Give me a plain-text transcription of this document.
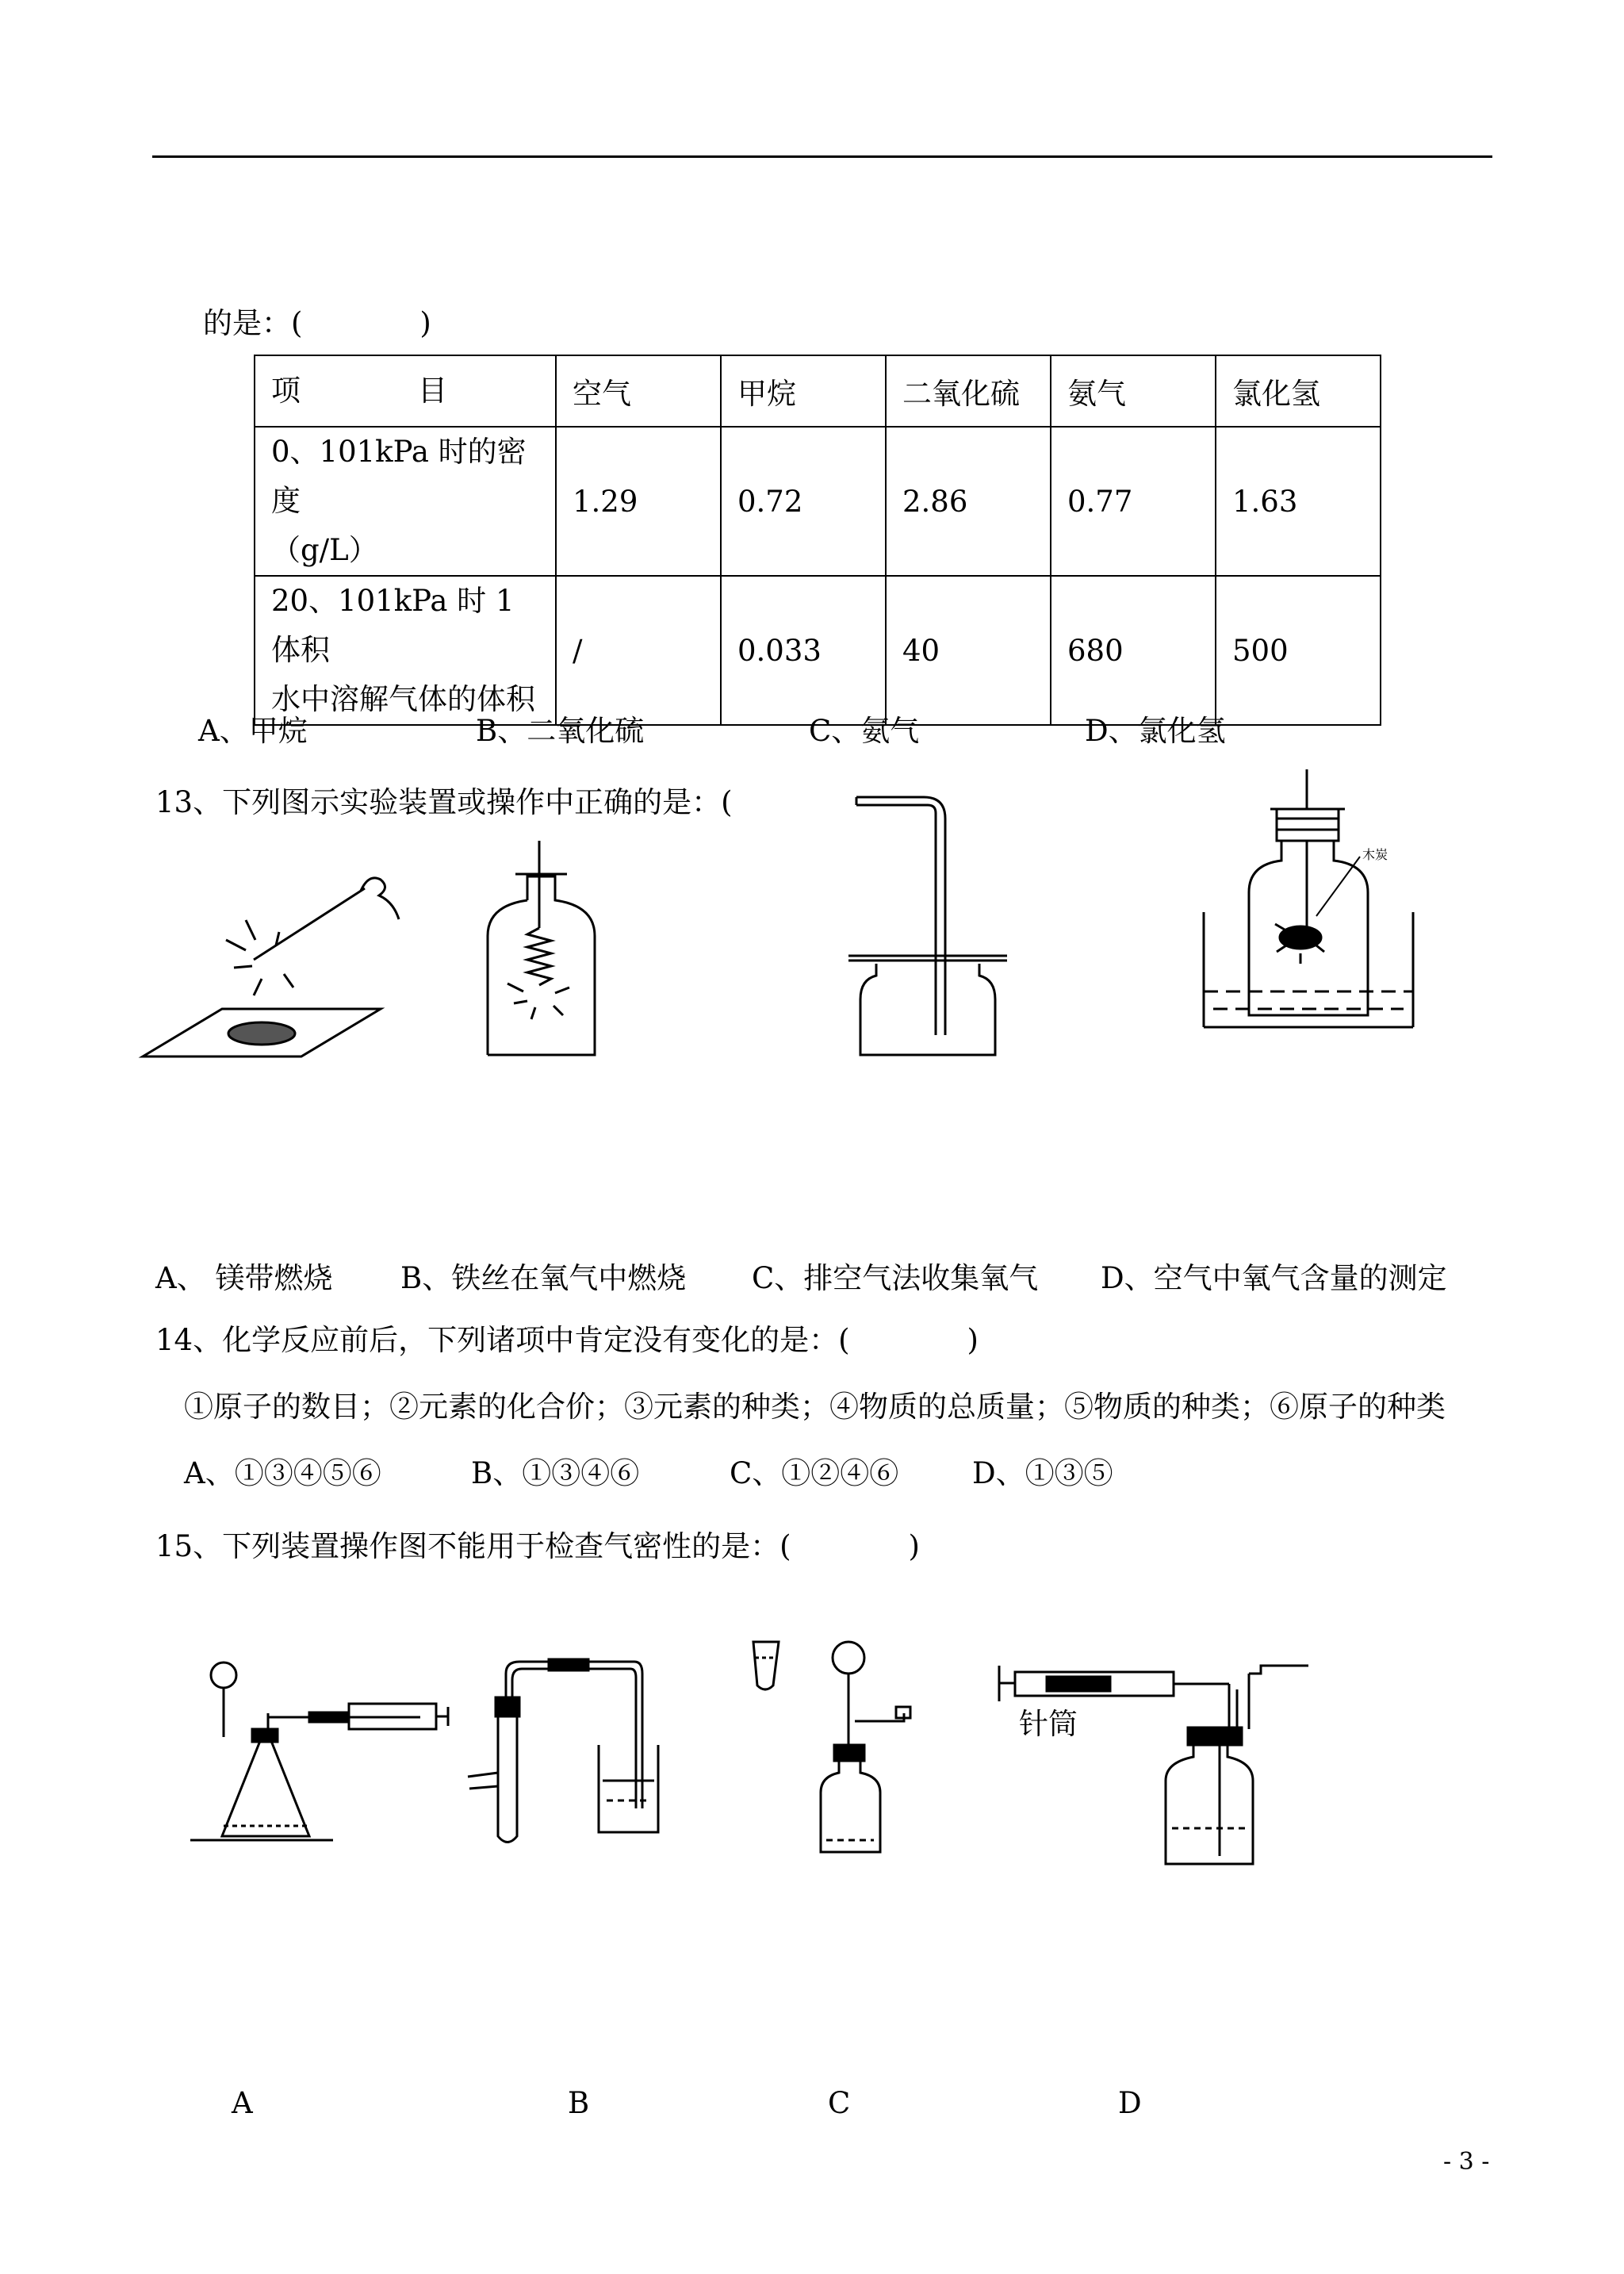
的是：(　　　　)
项　　　　目	空气	甲烷	二氧化硫	氨气	氯化氢

0、101kPa 时的密度
（g/L）	1.29	0.72	2.86	0.77	1.63

20、101kPa 时 1 体积
水中溶解气体的体积	/	0.033	40	680	500
A、甲烷	B、二氧化硫	C、氨气	D、氯化氢
13、下列图示实验装置或操作中正确的是：(
木炭
A、 镁带燃烧 B、铁丝在氧气中燃烧 C、排空气法收集氧气 D、空气中氧气含量的测定
14、化学反应前后，下列诸项中肯定没有变化的是：(　　　　)
①原子的数目；②元素的化合价；③元素的种类；④物质的总质量；⑤物质的种类；⑥原子的种类
A、①③④⑤⑥	B、①③④⑥	C、①②④⑥	D、①③⑤
15、下列装置操作图不能用于检查气密性的是：(　　　　)
针筒
A	B	C	D
- 3 -
